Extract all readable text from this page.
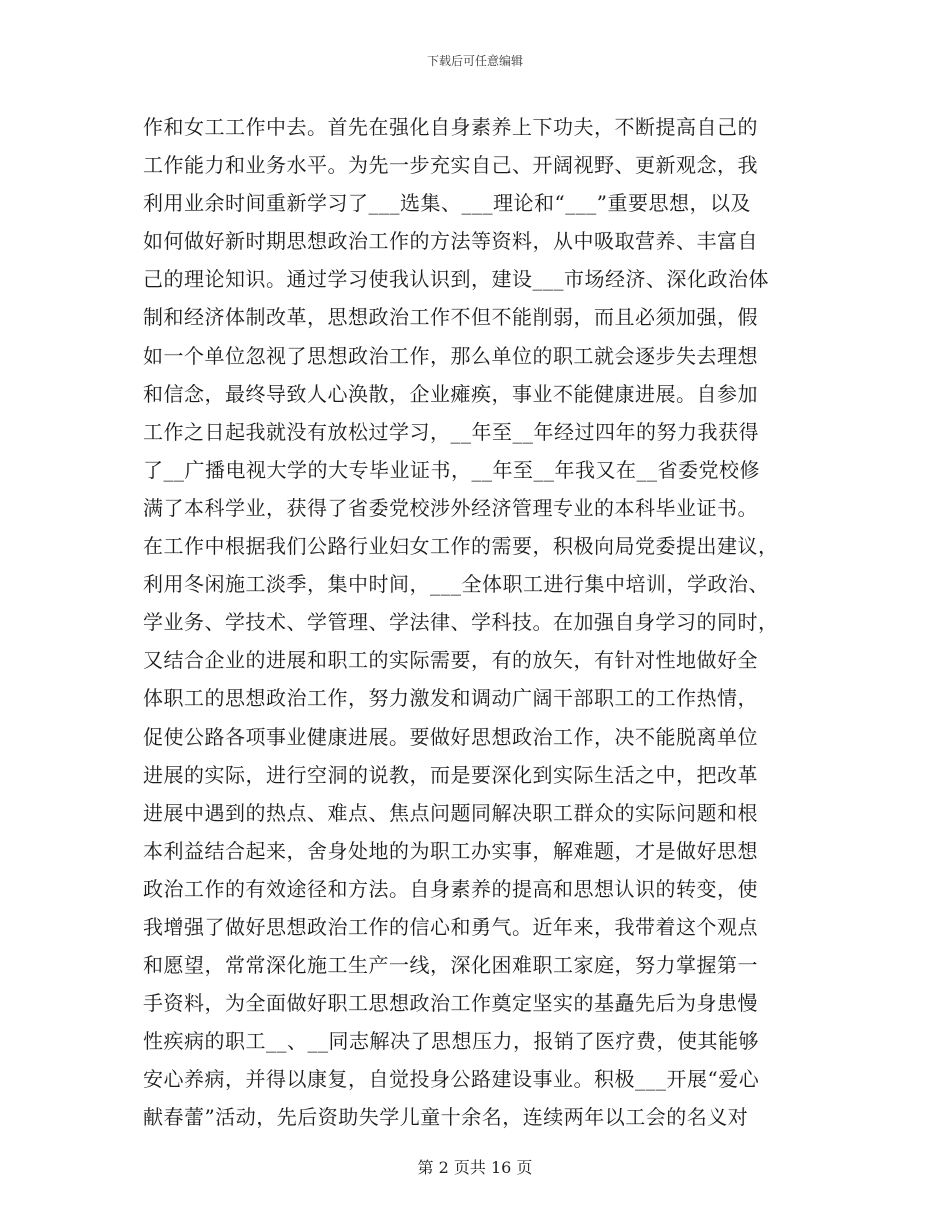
下载后可任意编辑
作和女工工作中去。首先在强化自身素养上下功夫，不断提高自己的
工作能力和业务水平。为先一步充实自己、开阔视野、更新观念，我
利用业余时间重新学习了___选集、___理论和“___”重要思想，以及
如何做好新时期思想政治工作的方法等资料，从中吸取营养、丰富自
己的理论知识。通过学习使我认识到，建设___市场经济、深化政治体
制和经济体制改革，思想政治工作不但不能削弱，而且必须加强，假
如一个单位忽视了思想政治工作，那么单位的职工就会逐步失去理想
和信念，最终导致人心涣散，企业瘫痪，事业不能健康进展。自参加
工作之日起我就没有放松过学习，__年至__年经过四年的努力我获得
了__广播电视大学的大专毕业证书，__年至__年我又在__省委党校修
满了本科学业，获得了省委党校涉外经济管理专业的本科毕业证书。
在工作中根据我们公路行业妇女工作的需要，积极向局党委提出建议，
利用冬闲施工淡季，集中时间，___全体职工进行集中培训，学政治、
学业务、学技术、学管理、学法律、学科技。在加强自身学习的同时，
又结合企业的进展和职工的实际需要，有的放矢，有针对性地做好全
体职工的思想政治工作，努力激发和调动广阔干部职工的工作热情，
促使公路各项事业健康进展。要做好思想政治工作，决不能脱离单位
进展的实际，进行空洞的说教，而是要深化到实际生活之中，把改革
进展中遇到的热点、难点、焦点问题同解决职工群众的实际问题和根
本利益结合起来，舍身处地的为职工办实事，解难题，才是做好思想
政治工作的有效途径和方法。自身素养的提高和思想认识的转变，使
我增强了做好思想政治工作的信心和勇气。近年来，我带着这个观点
和愿望，常常深化施工生产一线，深化困难职工家庭，努力掌握第一
手资料，为全面做好职工思想政治工作奠定坚实的基矗先后为身患慢
性疾病的职工__、__同志解决了思想压力，报销了医疗费，使其能够
安心养病，并得以康复，自觉投身公路建设事业。积极___开展“爱心
献春蕾”活动，先后资助失学儿童十余名，连续两年以工会的名义对
第 2 页共 16 页
